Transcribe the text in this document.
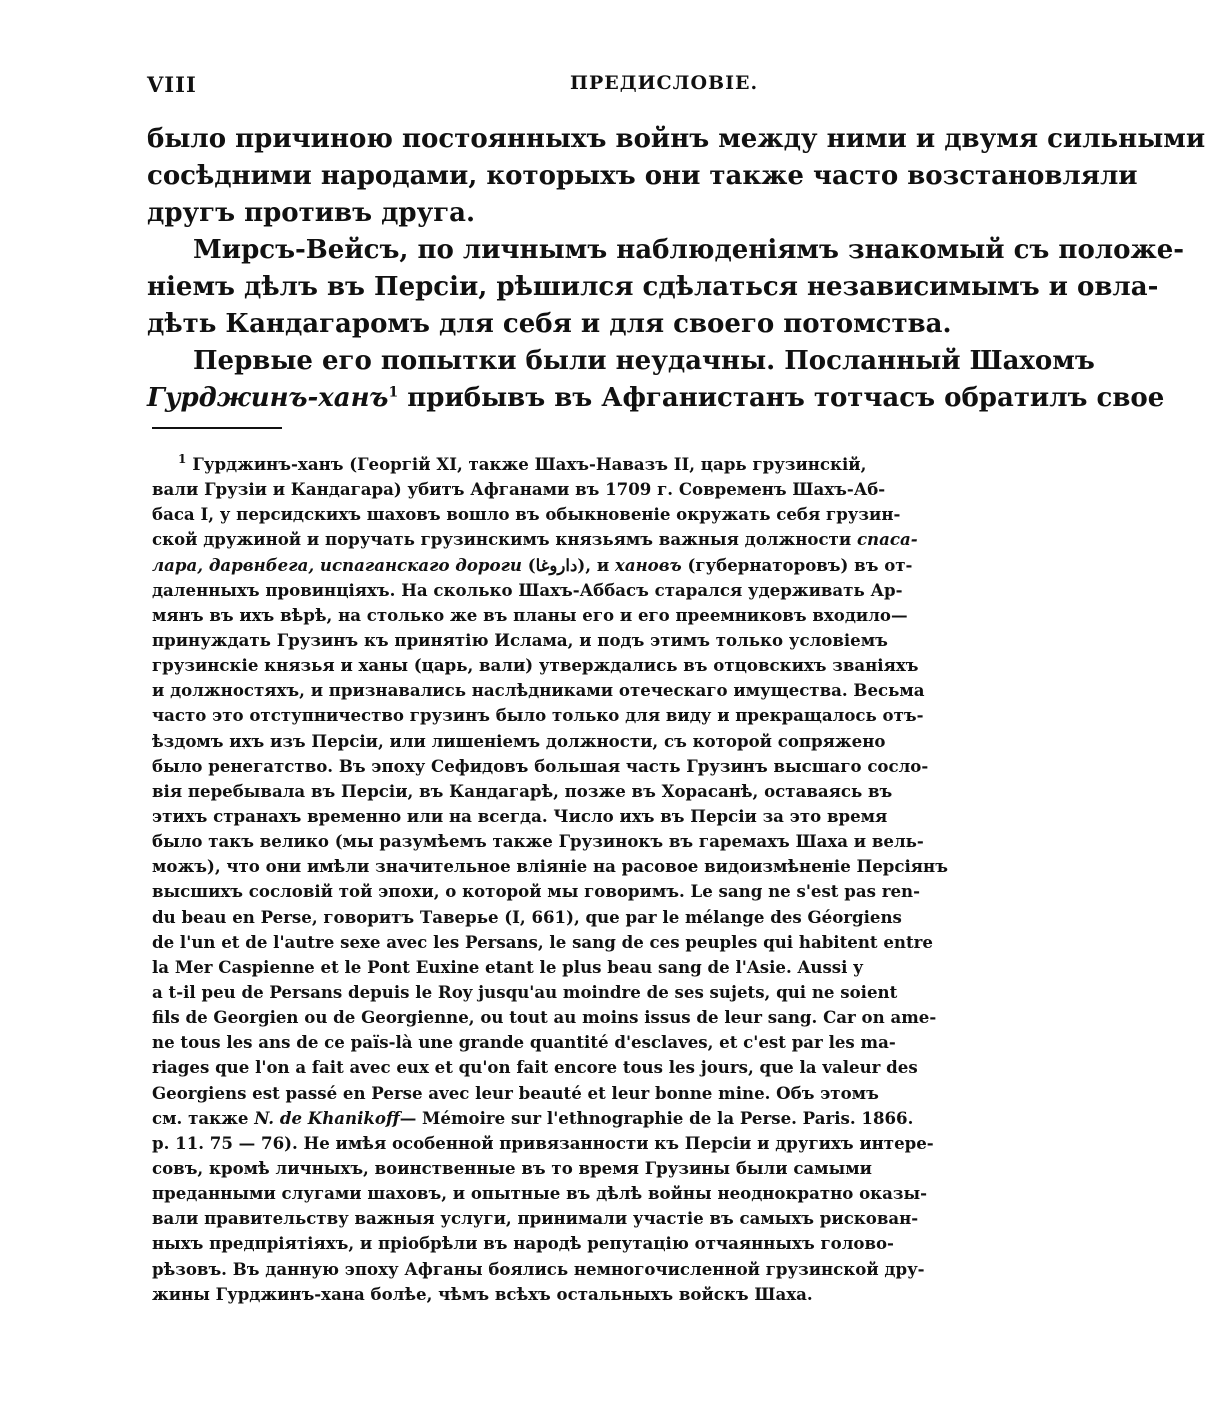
VIII	ПРЕДИСЛОВІЕ.
было причиною постоянныхъ войнъ между ними и двумя сильными
сосѣдними народами, которыхъ они также часто возстановляли
другъ противъ друга.
Мирсъ-Вейсъ, по личнымъ наблюденіямъ знакомый съ положе-
ніемъ дѣлъ въ Персіи, рѣшился сдѣлаться независимымъ и овла-
дѣть Кандагаромъ для себя и для своего потомства.
Первые его попытки были неудачны. Посланный Шахомъ
Гурджинъ-ханъ$^1$ прибывъ въ Афганистанъ тотчасъ обратилъ свое
$^1$ Гурджинъ-ханъ (Георгій XI, также Шахъ-Навазъ II, царь грузинскій,
вали Грузіи и Кандагара) убитъ Афганами въ 1709 г. Современъ Шахъ-Аб-
баса I, у персидскихъ шаховъ вошло въ обыкновеніе окружать себя грузин-
ской дружиной и поручать грузинскимъ князьямъ важныя должности спаса-
лара, дарвнбегa, испаганскаго дороги (داروغا), и хановъ (губернаторовъ) въ от-
даленныхъ провинціяхъ. На сколько Шахъ-Аббасъ старался удерживать Ар-
мянъ въ ихъ вѣрѣ, на столько же въ планы его и его преемниковъ входило—
принуждать Грузинъ къ принятію Ислама, и подъ этимъ только условіемъ
грузинскіе князья и ханы (царь, вали) утверждались въ отцовскихъ званіяхъ
и должностяхъ, и признавались наслѣдниками отеческаго имущества. Весьма
часто это отступничество грузинъ было только для виду и прекращалось отъ-
ѣздомъ ихъ изъ Персіи, или лишеніемъ должности, съ которой сопряжено
было ренегатство. Въ эпоху Сефидовъ большая часть Грузинъ высшаго сосло-
вія перебывала въ Персіи, въ Кандагарѣ, позже въ Хорасанѣ, оставаясь въ
этихъ странахъ временно или на всегда. Число ихъ въ Персіи за это время
было такъ велико (мы разумѣемъ также Грузинокъ въ гаремахъ Шаха и вель-
можъ), что они имѣли значительное вліяніе на расовое видоизмѣненіе Персіянъ
высшихъ сословій той эпохи, о которой мы говоримъ. Le sang ne s'est pas ren-
du beau en Perse, говоритъ Таверье (I, 661), que par le mélange des Géorgiens
de l'un et de l'autre sexe avec les Persans, le sang de ces peuples qui habitent entre
la Mer Caspienne et le Pont Euxine etant le plus beau sang de l'Asie. Aussi y
a t-il peu de Persans depuis le Roy jusqu'au moindre de ses sujets, qui ne soient
fils de Georgien ou de Georgienne, ou tout au moins issus de leur sang. Car on ame-
ne tous les ans de ce païs-là une grande quantité d'esclaves, et c'est par les ma-
riages que l'on a fait avec eux et qu'on fait encore tous les jours, que la valeur des
Georgiens est passé en Perse avec leur beauté et leur bonne mine. Объ этомъ
см. также N. de Khanikoff— Mémoire sur l'ethnographie de la Perse. Paris. 1866.
p. 11. 75 — 76). Не имѣя особенной привязанности къ Персіи и другихъ интере-
совъ, кромѣ личныхъ, воинственные въ то время Грузины были самыми
преданными слугами шаховъ, и опытные въ дѣлѣ войны неоднократно оказы-
вали правительству важныя услуги, принимали участіе въ самыхъ рискован-
ныхъ предпріятіяхъ, и пріобрѣли въ народѣ репутацію отчаянныхъ голово-
рѣзовъ. Въ данную эпоху Афганы боялись немногочисленной грузинской дру-
жины Гурджинъ-хана болѣе, чѣмъ всѣхъ остальныхъ войскъ Шаха.
